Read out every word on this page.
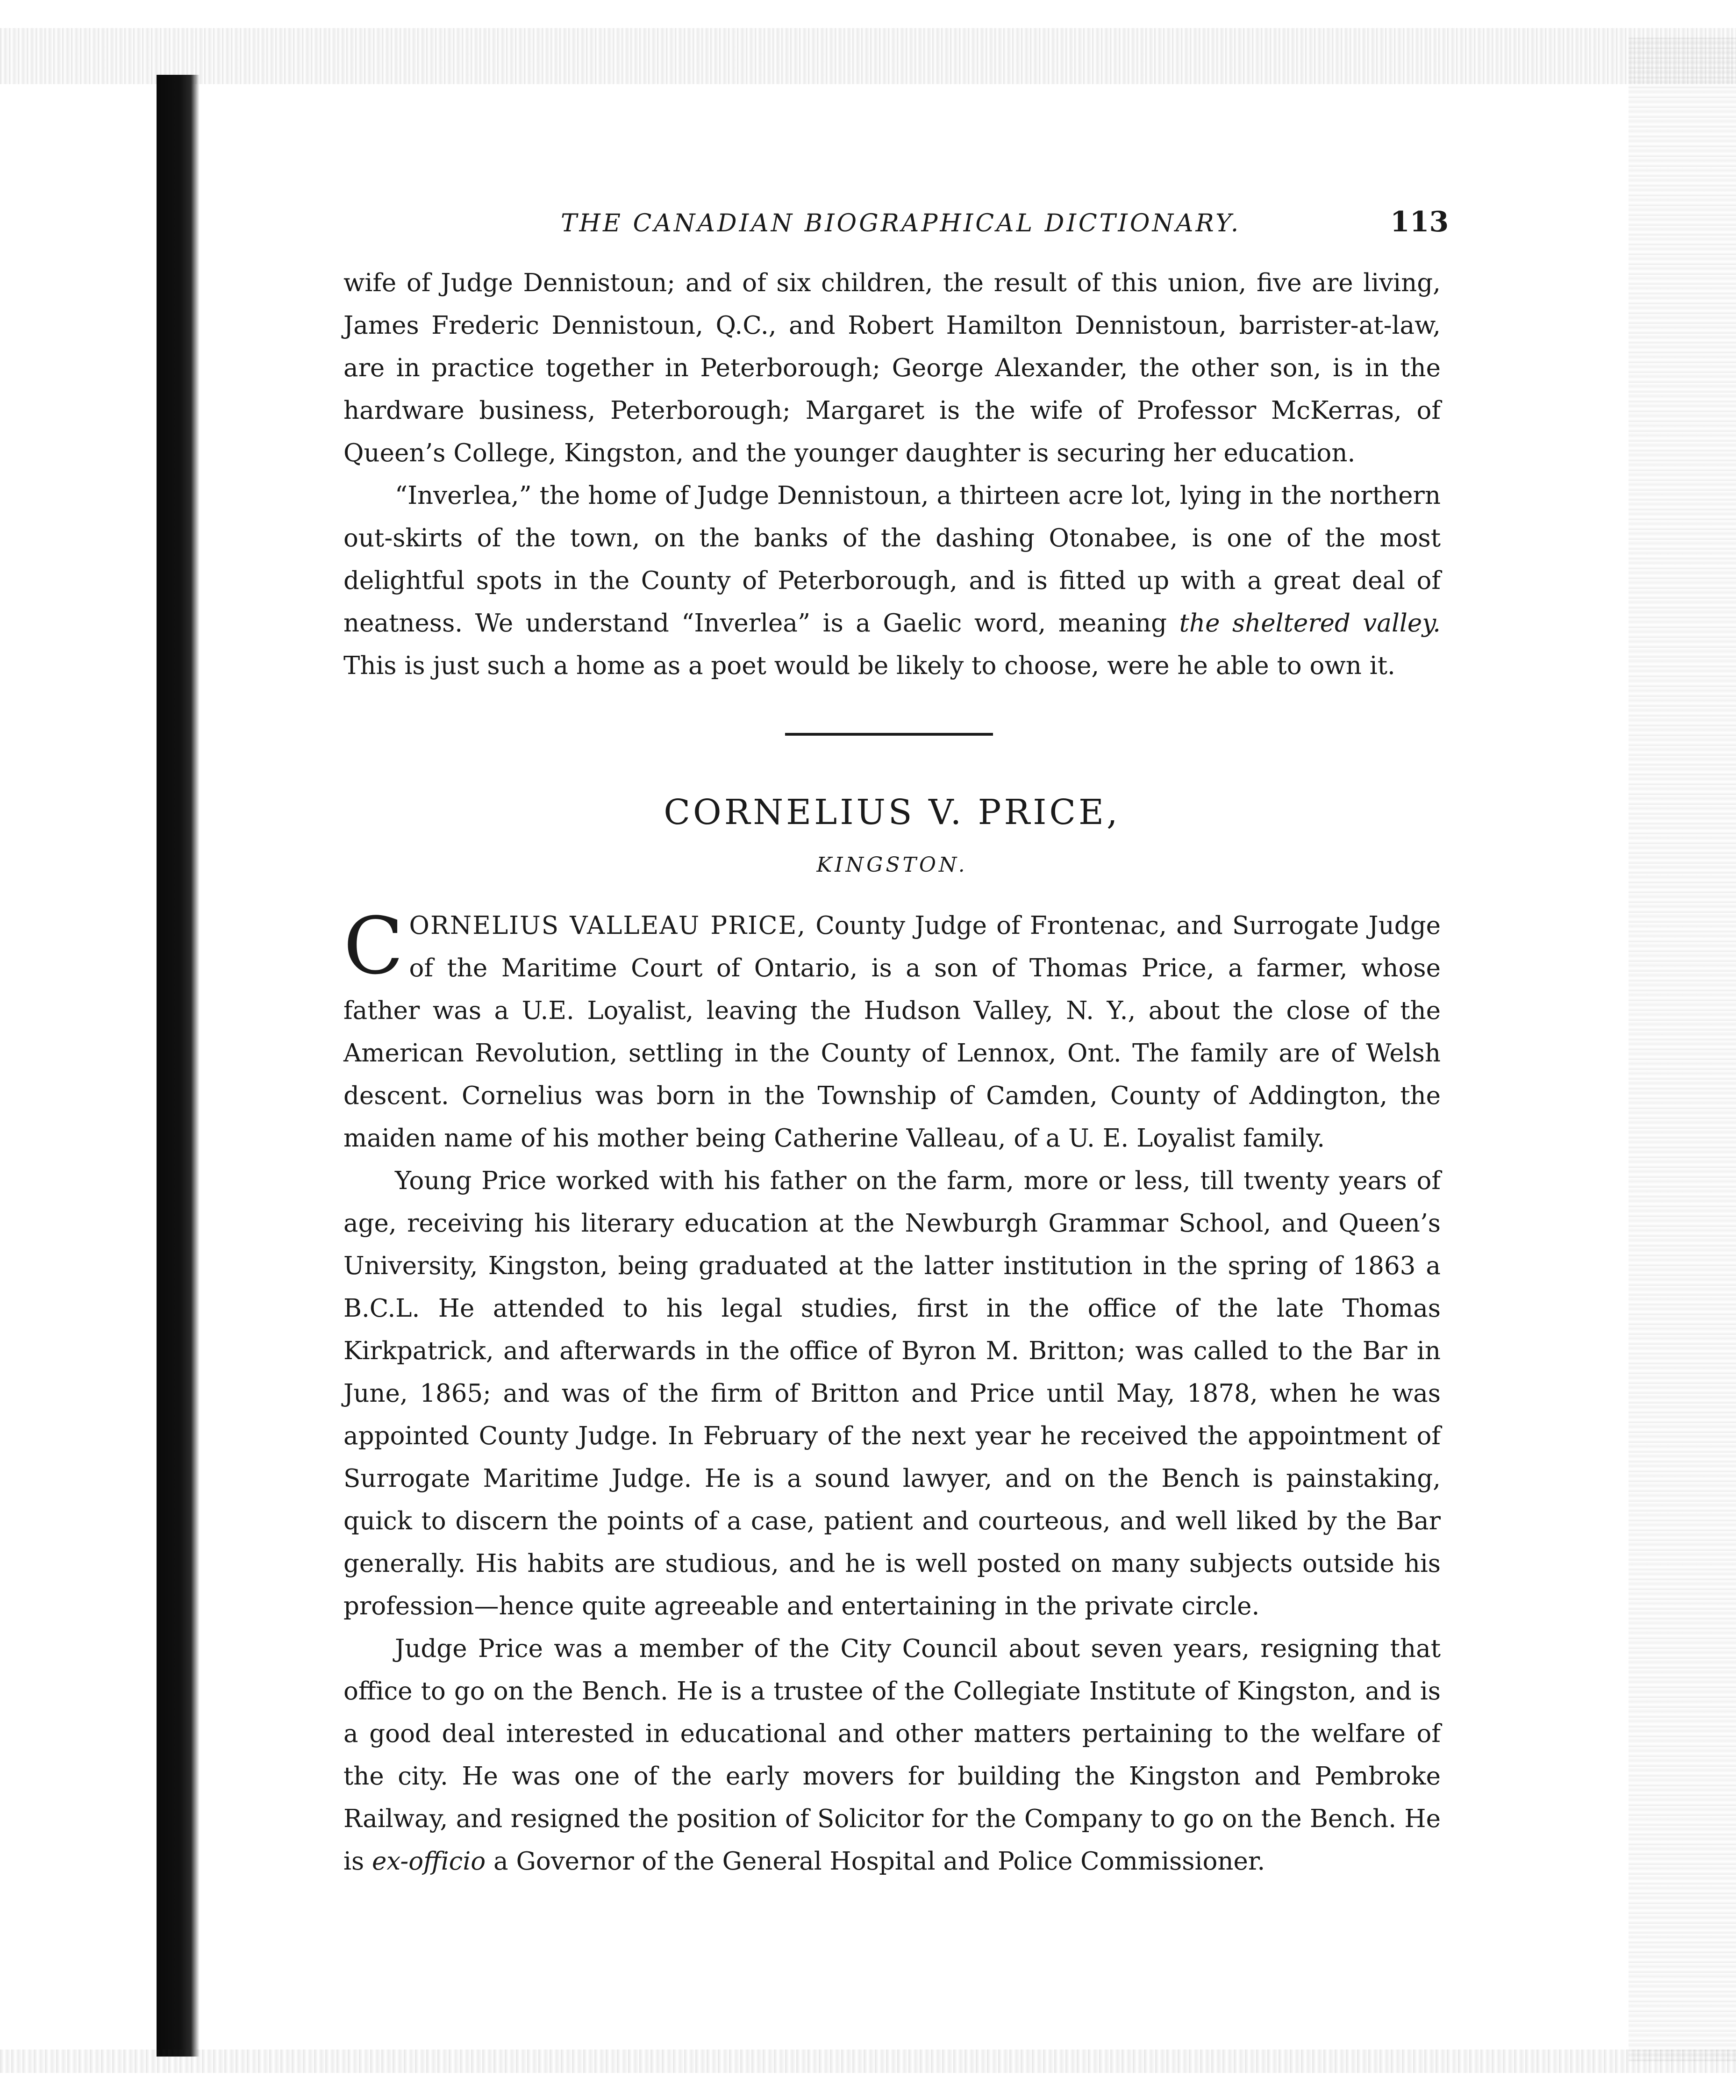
THE CANADIAN BIOGRAPHICAL DICTIONARY.	113

wife of Judge Dennistoun; and of six children, the result of this union, five are living, James Frederic Dennistoun, Q.C., and Robert Hamilton Dennistoun, barrister-at-law, are in practice together in Peterborough; George Alexander, the other son, is in the hardware business, Peterborough; Margaret is the wife of Professor McKerras, of Queen’s College, Kingston, and the younger daughter is securing her education.

“Inverlea,” the home of Judge Dennistoun, a thirteen acre lot, lying in the northern out-skirts of the town, on the banks of the dashing Otonabee, is one of the most delightful spots in the County of Peterborough, and is fitted up with a great deal of neatness. We understand “Inverlea” is a Gaelic word, meaning the sheltered valley. This is just such a home as a poet would be likely to choose, were he able to own it.

CORNELIUS V. PRICE,
KINGSTON.

CORNELIUS VALLEAU PRICE, County Judge of Frontenac, and Surrogate Judge of the Maritime Court of Ontario, is a son of Thomas Price, a farmer, whose father was a U.E. Loyalist, leaving the Hudson Valley, N. Y., about the close of the American Revolution, settling in the County of Lennox, Ont. The family are of Welsh descent. Cornelius was born in the Township of Camden, County of Addington, the maiden name of his mother being Catherine Valleau, of a U. E. Loyalist family.

Young Price worked with his father on the farm, more or less, till twenty years of age, receiving his literary education at the Newburgh Grammar School, and Queen’s University, Kingston, being graduated at the latter institution in the spring of 1863 a B.C.L. He attended to his legal studies, first in the office of the late Thomas Kirkpatrick, and afterwards in the office of Byron M. Britton; was called to the Bar in June, 1865; and was of the firm of Britton and Price until May, 1878, when he was appointed County Judge. In February of the next year he received the appointment of Surrogate Maritime Judge. He is a sound lawyer, and on the Bench is painstaking, quick to discern the points of a case, patient and courteous, and well liked by the Bar generally. His habits are studious, and he is well posted on many subjects outside his profession—hence quite agreeable and entertaining in the private circle.

Judge Price was a member of the City Council about seven years, resigning that office to go on the Bench. He is a trustee of the Collegiate Institute of Kingston, and is a good deal interested in educational and other matters pertaining to the welfare of the city. He was one of the early movers for building the Kingston and Pembroke Railway, and resigned the position of Solicitor for the Company to go on the Bench. He is ex-officio a Governor of the General Hospital and Police Commissioner.
